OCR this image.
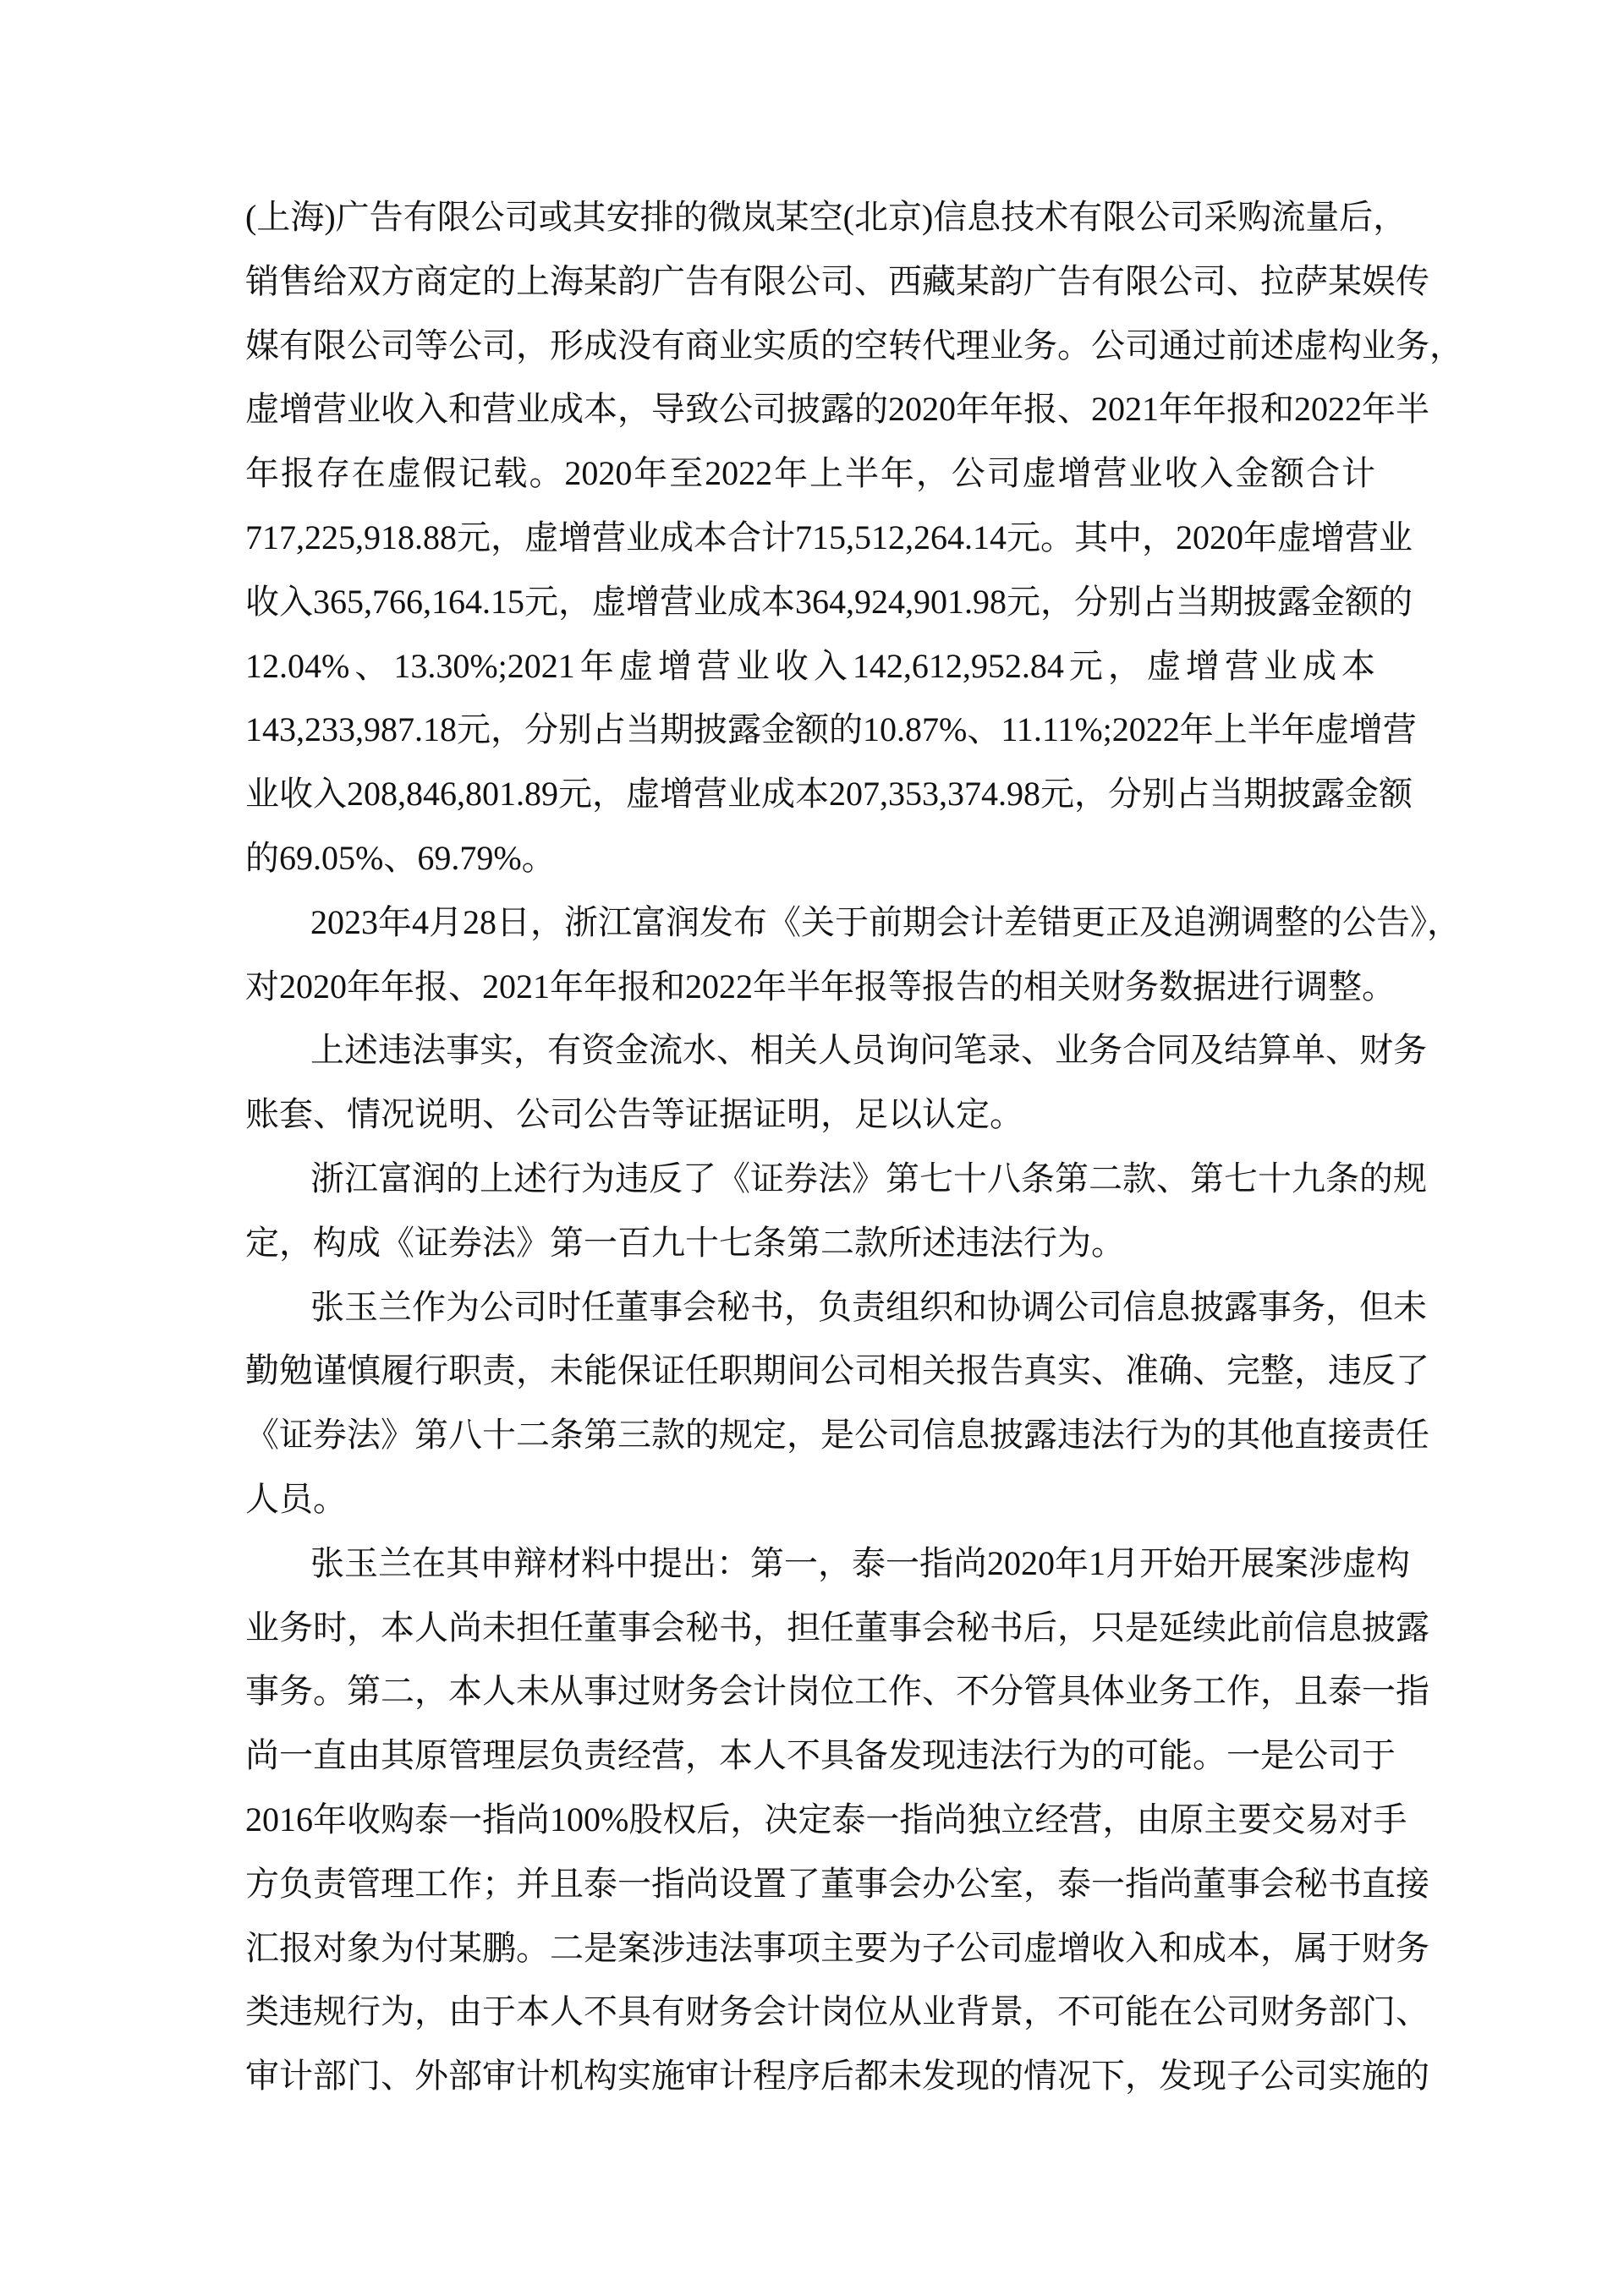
(上海)广告有限公司或其安排的微岚某空(北京)信息技术有限公司采购流量后，
销售给双方商定的上海某韵广告有限公司、西藏某韵广告有限公司、拉萨某娱传
媒有限公司等公司，形成没有商业实质的空转代理业务。公司通过前述虚构业务，
虚增营业收入和营业成本，导致公司披露的2020年年报、2021年年报和2022年半
年报存在虚假记载。2020年至2022年上半年，公司虚增营业收入金额合计
717,225,918.88元，虚增营业成本合计715,512,264.14元。其中，2020年虚增营业
收入365,766,164.15元，虚增营业成本364,924,901.98元，分别占当期披露金额的
12.04%、13.30%;2021年虚增营业收入142,612,952.84元，虚增营业成本
143,233,987.18元，分别占当期披露金额的10.87%、11.11%;2022年上半年虚增营
业收入208,846,801.89元，虚增营业成本207,353,374.98元，分别占当期披露金额
的69.05%、69.79%。
2023年4月28日，浙江富润发布《关于前期会计差错更正及追溯调整的公告》，
对2020年年报、2021年年报和2022年半年报等报告的相关财务数据进行调整。
上述违法事实，有资金流水、相关人员询问笔录、业务合同及结算单、财务
账套、情况说明、公司公告等证据证明，足以认定。
浙江富润的上述行为违反了《证券法》第七十八条第二款、第七十九条的规
定，构成《证券法》第一百九十七条第二款所述违法行为。
张玉兰作为公司时任董事会秘书，负责组织和协调公司信息披露事务，但未
勤勉谨慎履行职责，未能保证任职期间公司相关报告真实、准确、完整，违反了
《证券法》第八十二条第三款的规定，是公司信息披露违法行为的其他直接责任
人员。
张玉兰在其申辩材料中提出：第一，泰一指尚2020年1月开始开展案涉虚构
业务时，本人尚未担任董事会秘书，担任董事会秘书后，只是延续此前信息披露
事务。第二，本人未从事过财务会计岗位工作、不分管具体业务工作，且泰一指
尚一直由其原管理层负责经营，本人不具备发现违法行为的可能。一是公司于
2016年收购泰一指尚100%股权后，决定泰一指尚独立经营，由原主要交易对手
方负责管理工作；并且泰一指尚设置了董事会办公室，泰一指尚董事会秘书直接
汇报对象为付某鹏。二是案涉违法事项主要为子公司虚增收入和成本，属于财务
类违规行为，由于本人不具有财务会计岗位从业背景，不可能在公司财务部门、
审计部门、外部审计机构实施审计程序后都未发现的情况下，发现子公司实施的
